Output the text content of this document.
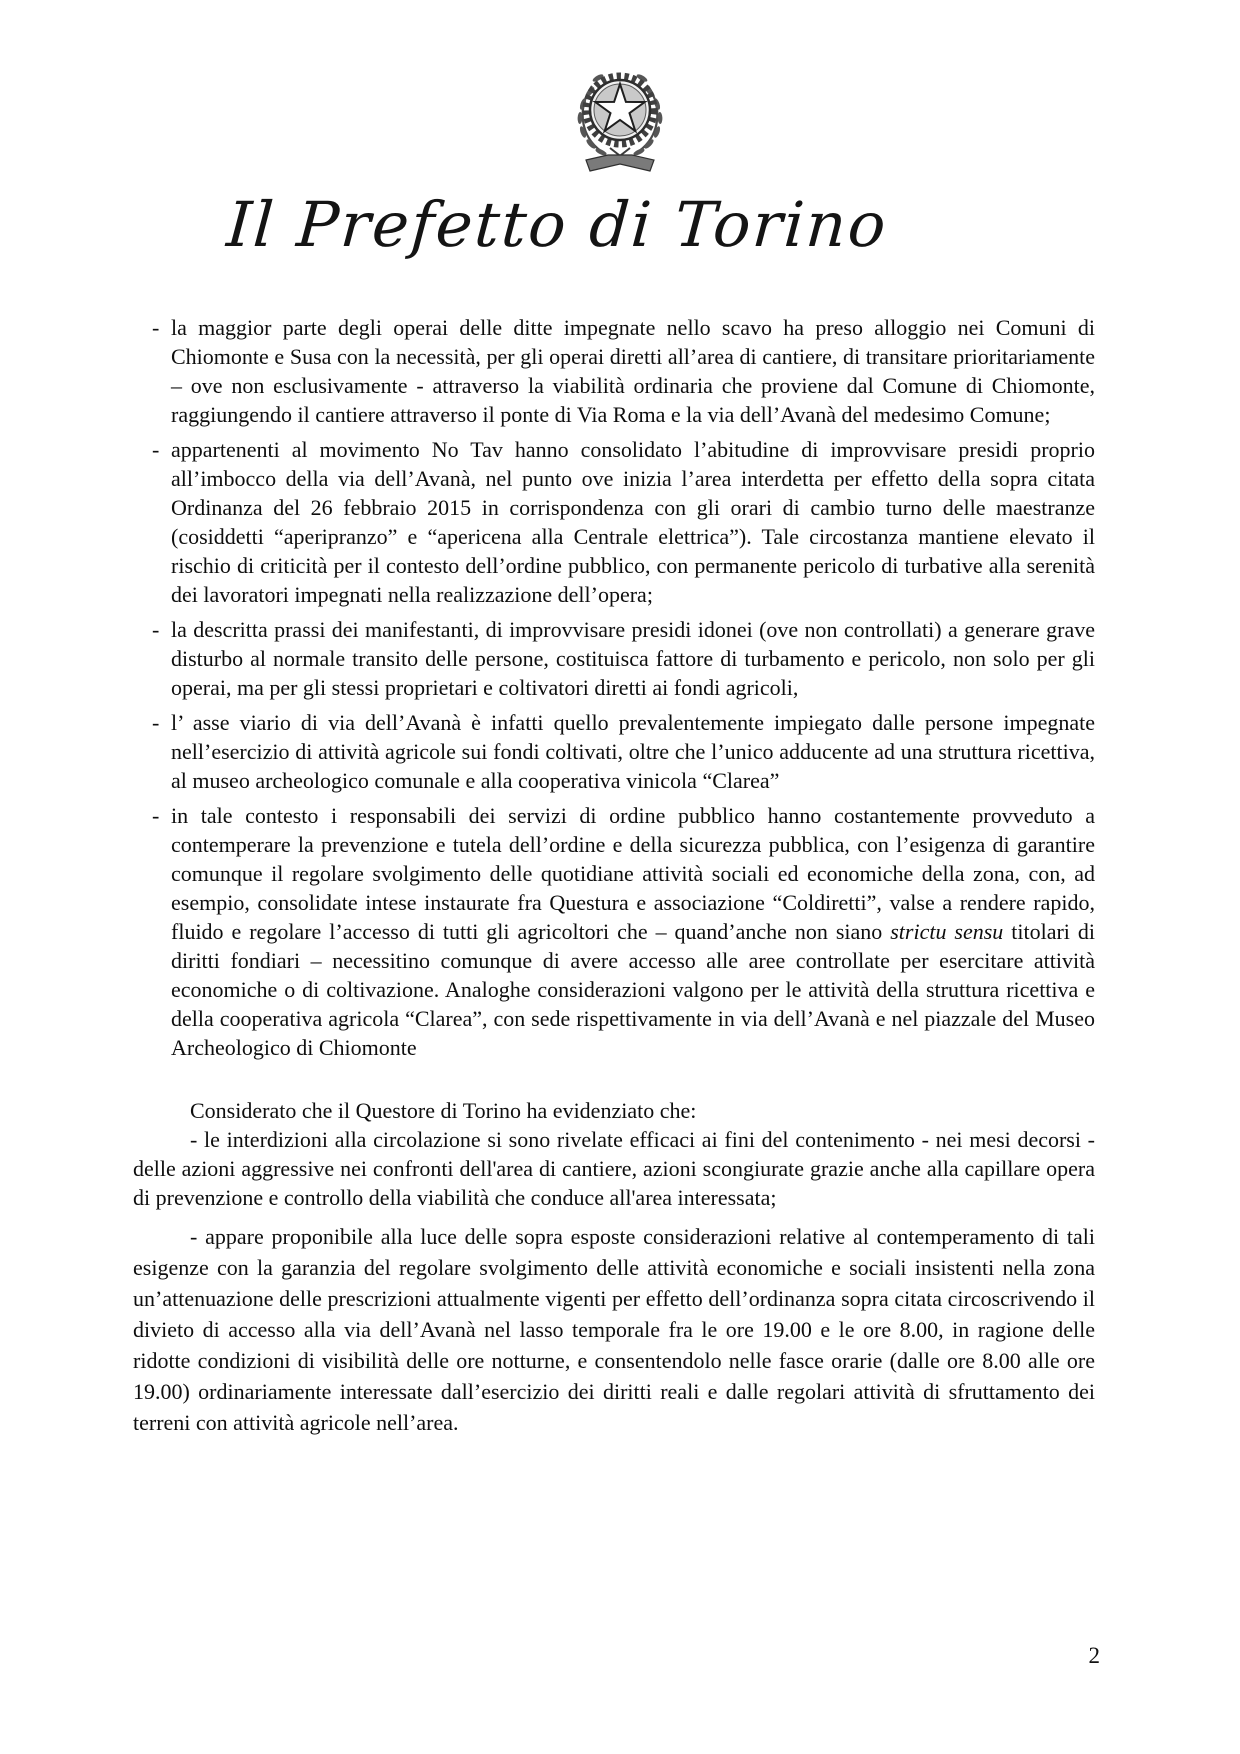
Il Prefetto di Torino
- la maggior parte degli operai delle ditte impegnate nello scavo ha preso alloggio nei Comuni di Chiomonte e Susa con la necessità, per gli operai diretti all’area di cantiere, di transitare prioritariamente – ove non esclusivamente - attraverso la viabilità ordinaria che proviene dal Comune di Chiomonte, raggiungendo il cantiere attraverso il ponte di Via Roma e la via dell’Avanà del medesimo Comune;
- appartenenti al movimento No Tav hanno consolidato l’abitudine di improvvisare presidi proprio all’imbocco della via dell’Avanà, nel punto ove inizia l’area interdetta per effetto della sopra citata Ordinanza del 26 febbraio 2015 in corrispondenza con gli orari di cambio turno delle maestranze (cosiddetti “aperipranzo” e “apericena alla Centrale elettrica”). Tale circostanza mantiene elevato il rischio di criticità per il contesto dell’ordine pubblico, con permanente pericolo di turbative alla serenità dei lavoratori impegnati nella realizzazione dell’opera;
- la descritta prassi dei manifestanti, di improvvisare presidi idonei (ove non controllati) a generare grave disturbo al normale transito delle persone, costituisca fattore di turbamento e pericolo, non solo per gli operai, ma per gli stessi proprietari e coltivatori diretti ai fondi agricoli,
- l’ asse viario di via dell’Avanà è infatti quello prevalentemente impiegato dalle persone impegnate nell’esercizio di attività agricole sui fondi coltivati, oltre che l’unico adducente ad una struttura ricettiva, al museo archeologico comunale e alla cooperativa vinicola “Clarea”
- in tale contesto i responsabili dei servizi di ordine pubblico hanno costantemente provveduto a contemperare la prevenzione e tutela dell’ordine e della sicurezza pubblica, con l’esigenza di garantire comunque il regolare svolgimento delle quotidiane attività sociali ed economiche della zona, con, ad esempio, consolidate intese instaurate fra Questura e associazione “Coldiretti”, valse a rendere rapido, fluido e regolare l’accesso di tutti gli agricoltori che – quand’anche non siano strictu sensu titolari di diritti fondiari – necessitino comunque di avere accesso alle aree controllate per esercitare attività economiche o di coltivazione. Analoghe considerazioni valgono per le attività della struttura ricettiva e della cooperativa agricola “Clarea”, con sede rispettivamente in via dell’Avanà e nel piazzale del Museo Archeologico di Chiomonte

Considerato che il Questore di Torino ha evidenziato che:

- le interdizioni alla circolazione si sono rivelate efficaci ai fini del contenimento - nei mesi decorsi - delle azioni aggressive nei confronti dell'area di cantiere, azioni scongiurate grazie anche alla capillare opera di prevenzione e controllo della viabilità che conduce all'area interessata;

- appare proponibile alla luce delle sopra esposte considerazioni relative al contemperamento di tali esigenze con la garanzia del regolare svolgimento delle attività economiche e sociali insistenti nella zona un’attenuazione delle prescrizioni attualmente vigenti per effetto dell’ordinanza sopra citata circoscrivendo il divieto di accesso alla via dell’Avanà nel lasso temporale fra le ore 19.00 e le ore 8.00, in ragione delle ridotte condizioni di visibilità delle ore notturne, e consentendolo nelle fasce orarie (dalle ore 8.00 alle ore 19.00) ordinariamente interessate dall’esercizio dei diritti reali e dalle regolari attività di sfruttamento dei terreni con attività agricole nell’area.

2
